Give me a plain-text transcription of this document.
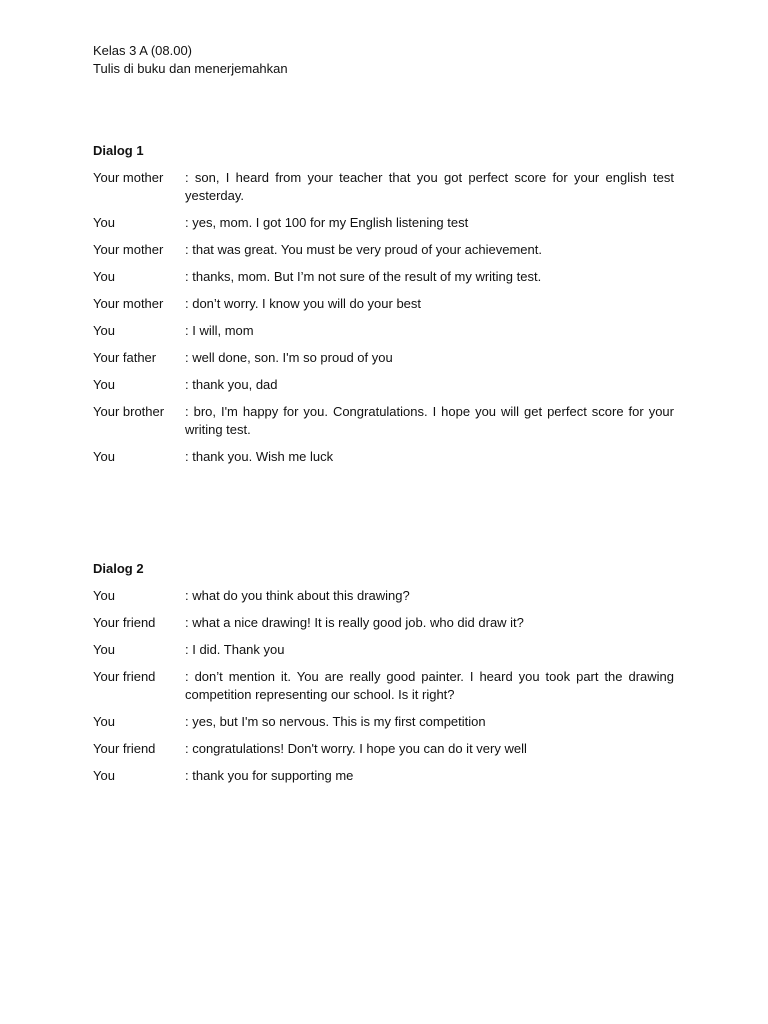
Kelas 3 A (08.00)
Tulis di buku dan menerjemahkan
Dialog 1
Your mother	: son, I heard from your teacher that you got perfect score for your english test yesterday.
You	: yes, mom. I got 100 for my English listening test
Your mother	: that was great. You must be very proud of your achievement.
You	: thanks, mom. But I’m not sure of the result of my writing test.
Your mother	: don’t worry. I know you will do your best
You	: I will, mom
Your father	: well done, son. I'm so proud of you
You	: thank you, dad
Your brother	: bro, I'm happy for you. Congratulations. I hope you will get perfect score for your writing test.
You	: thank you. Wish me luck
Dialog 2
You	: what do you think about this drawing?
Your friend	: what a nice drawing! It is really good job. who did draw it?
You	: I did. Thank you
Your friend	: don’t mention it. You are really good painter. I heard you took part the drawing competition representing our school. Is it right?
You	: yes, but I'm so nervous. This is my first competition
Your friend	: congratulations! Don't worry. I hope you can do it very well
You	: thank you for supporting me
